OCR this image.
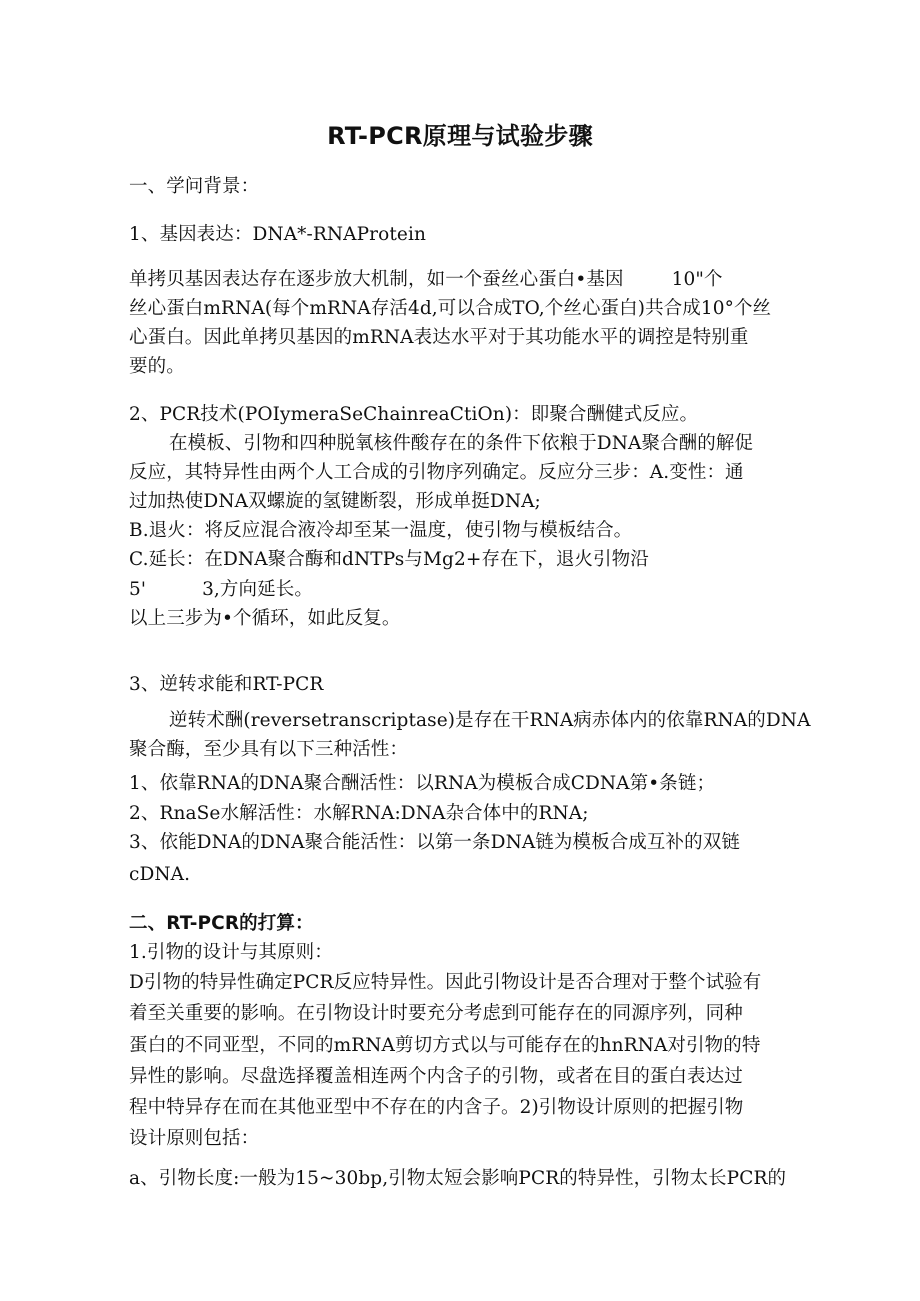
RT-PCR原理与试验步骤
一、学问背景：
1、基因表达：DNA*-RNAProtein
单拷贝基因表达存在逐步放大机制，如一个蚕丝心蛋白•基因	10"个
丝心蛋白mRNA(每个mRNA存活4d,可以合成TO,个丝心蛋白)共合成10°个丝
心蛋白。因此单拷贝基因的mRNA表达水平对于其功能水平的调控是特别重
要的。
2、PCR技术(POIymeraSeChainreaCtiOn)：即聚合酬健式反应。
在模板、引物和四种脱氧核件酸存在的条件下依粮于DNA聚合酬的解促
反应，其特异性由两个人工合成的引物序列确定。反应分三步：A.变性：通
过加热使DNA双螺旋的氢键断裂，形成单挺DNA;
B.退火：将反应混合液冷却至某一温度，使引物与模板结合。
C.延长：在DNA聚合酶和dNTPs与Mg2+存在下，退火引物沿
5'	3,方向延长。
以上三步为•个循环，如此反复。
3、逆转求能和RT-PCR
逆转术酬(reversetranscriptase)是存在干RNA病赤体内的依靠RNA的DNA
聚合酶，至少具有以下三种活性：
1、依靠RNA的DNA聚合酬活性：以RNA为模板合成CDNA第•条链；
2、RnaSe水解活性：水解RNA:DNA杂合体中的RNA;
3、依能DNA的DNA聚合能活性：以第一条DNA链为模板合成互补的双链
cDNA.
二、RT-PCR的打算：
1.引物的设计与其原则：
D引物的特异性确定PCR反应特异性。因此引物设计是否合理对于整个试验有
着至关重要的影响。在引物设计时要充分考虑到可能存在的同源序列，同种
蛋白的不同亚型，不同的mRNA剪切方式以与可能存在的hnRNA对引物的特
异性的影响。尽盘选择覆盖相连两个内含子的引物，或者在目的蛋白表达过
程中特异存在而在其他亚型中不存在的内含子。2)引物设计原则的把握引物
设计原则包括：
a、引物长度:一般为15~30bp,引物太短会影响PCR的特异性，引物太长PCR的
